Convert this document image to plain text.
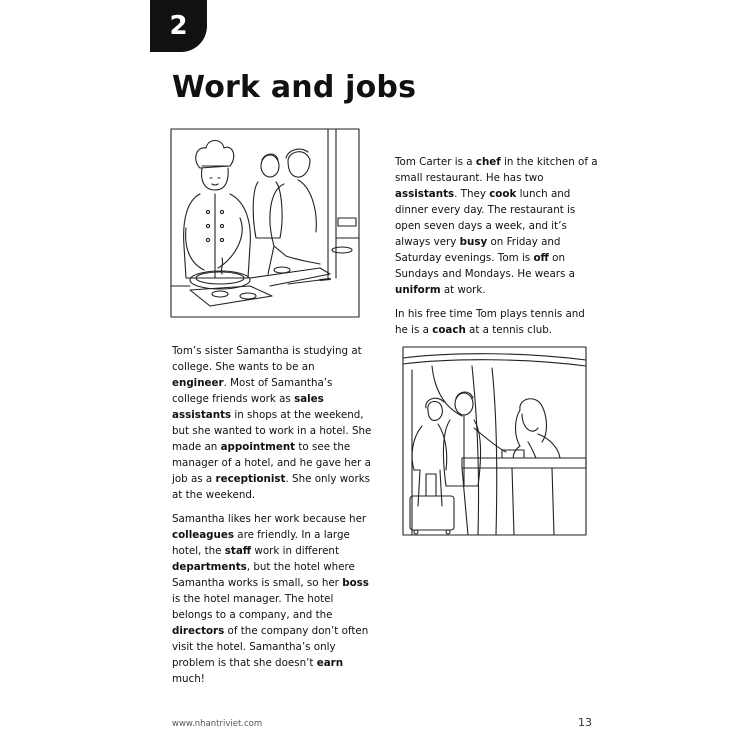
2
Work and jobs

Tom Carter is a chef in the kitchen of a small restaurant. He has two assistants. They cook lunch and dinner every day. The restaurant is open seven days a week, and it’s always very busy on Friday and Saturday evenings. Tom is off on Sundays and Mondays. He wears a uniform at work.

In his free time Tom plays tennis and he is a coach at a tennis club.

Tom’s sister Samantha is studying at college. She wants to be an engineer. Most of Samantha’s college friends work as sales assistants in shops at the weekend, but she wanted to work in a hotel. She made an appointment to see the manager of a hotel, and he gave her a job as a receptionist. She only works at the weekend.

Samantha likes her work because her colleagues are friendly. In a large hotel, the staff work in different departments, but the hotel where Samantha works is small, so her boss is the hotel manager. The hotel belongs to a company, and the directors of the company don’t often visit the hotel. Samantha’s only problem is that she doesn’t earn much!

www.nhantriviet.com	13
